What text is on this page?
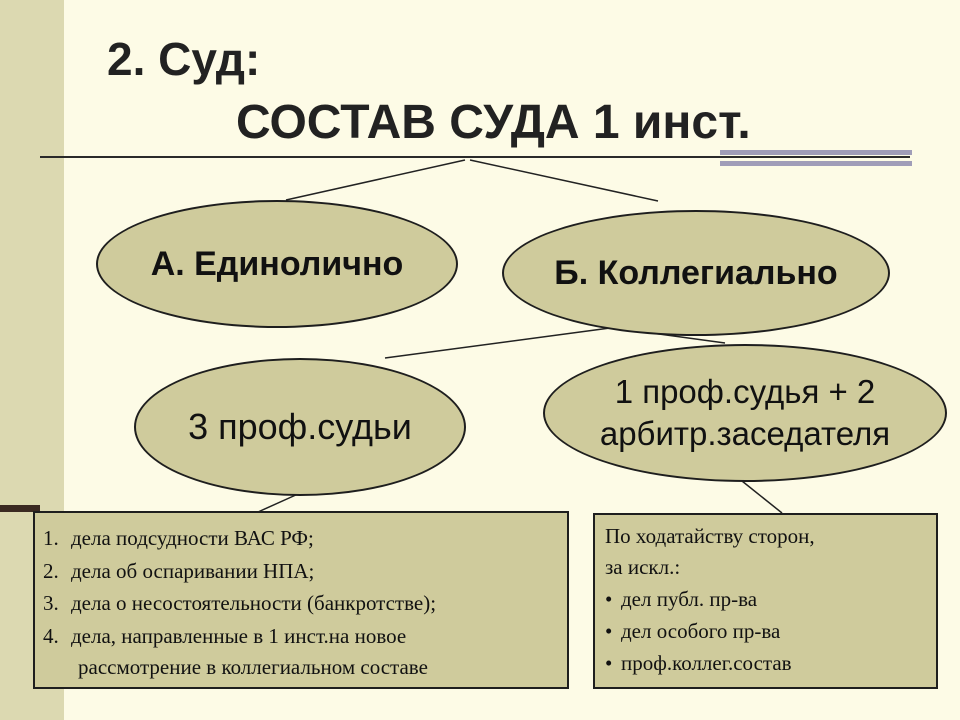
2. Суд:
СОСТАВ СУДА 1 инст.
А. Единолично	Б. Коллегиально
3 проф.судьи
1 проф.судья + 2
арбитр.заседателя
1. дела подсудности ВАС РФ;
2. дела об оспаривании НПА;
3. дела о несостоятельности (банкротстве);
4. дела, направленные в 1 инст.на новое
рассмотрение в коллегиальном составе
По ходатайству сторон,
за искл.:
• дел публ. пр-ва
• дел особого пр-ва
• проф.коллег.состав
